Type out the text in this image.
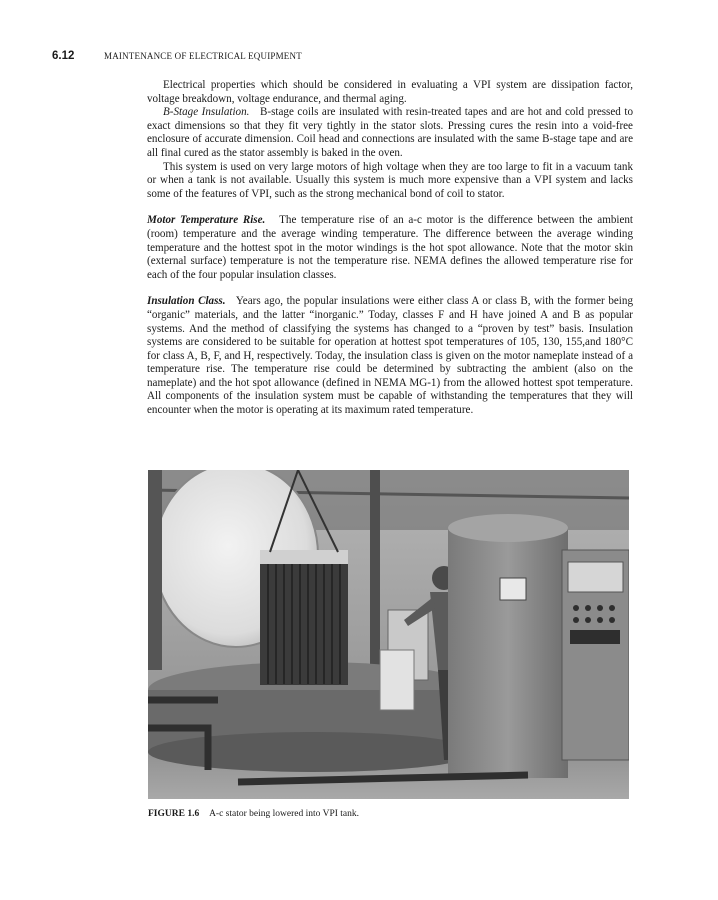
6.12	MAINTENANCE OF ELECTRICAL EQUIPMENT

Electrical properties which should be considered in evaluating a VPI system are dissipation factor, voltage breakdown, voltage endurance, and thermal aging.

B-Stage Insulation. B-stage coils are insulated with resin-treated tapes and are hot and cold pressed to exact dimensions so that they fit very tightly in the stator slots. Pressing cures the resin into a void-free enclosure of accurate dimension. Coil head and connections are insulated with the same B-stage tape and are all final cured as the stator assembly is baked in the oven.

This system is used on very large motors of high voltage when they are too large to fit in a vacuum tank or when a tank is not available. Usually this system is much more expensive than a VPI system and lacks some of the features of VPI, such as the strong mechanical bond of coil to stator.

Motor Temperature Rise. The temperature rise of an a-c motor is the difference between the ambient (room) temperature and the average winding temperature. The difference between the average winding temperature and the hottest spot in the motor windings is the hot spot allowance. Note that the motor skin (external surface) temperature is not the temperature rise. NEMA defines the allowed temperature rise for each of the four popular insulation classes.

Insulation Class. Years ago, the popular insulations were either class A or class B, with the former being “organic” materials, and the latter “inorganic.” Today, classes F and H have joined A and B as popular systems. And the method of classifying the systems has changed to a “proven by test” basis. Insulation systems are considered to be suitable for operation at hottest spot temperatures of 105, 130, 155,and 180°C for class A, B, F, and H, respectively. Today, the insulation class is given on the motor nameplate instead of a temperature rise. The temperature rise could be determined by subtracting the ambient (also on the nameplate) and the hot spot allowance (defined in NEMA MG-1) from the allowed hottest spot temperature. All components of the insulation system must be capable of withstanding the temperatures that they will encounter when the motor is operating at its maximum rated temperature.

FIGURE 1.6 A-c stator being lowered into VPI tank.
